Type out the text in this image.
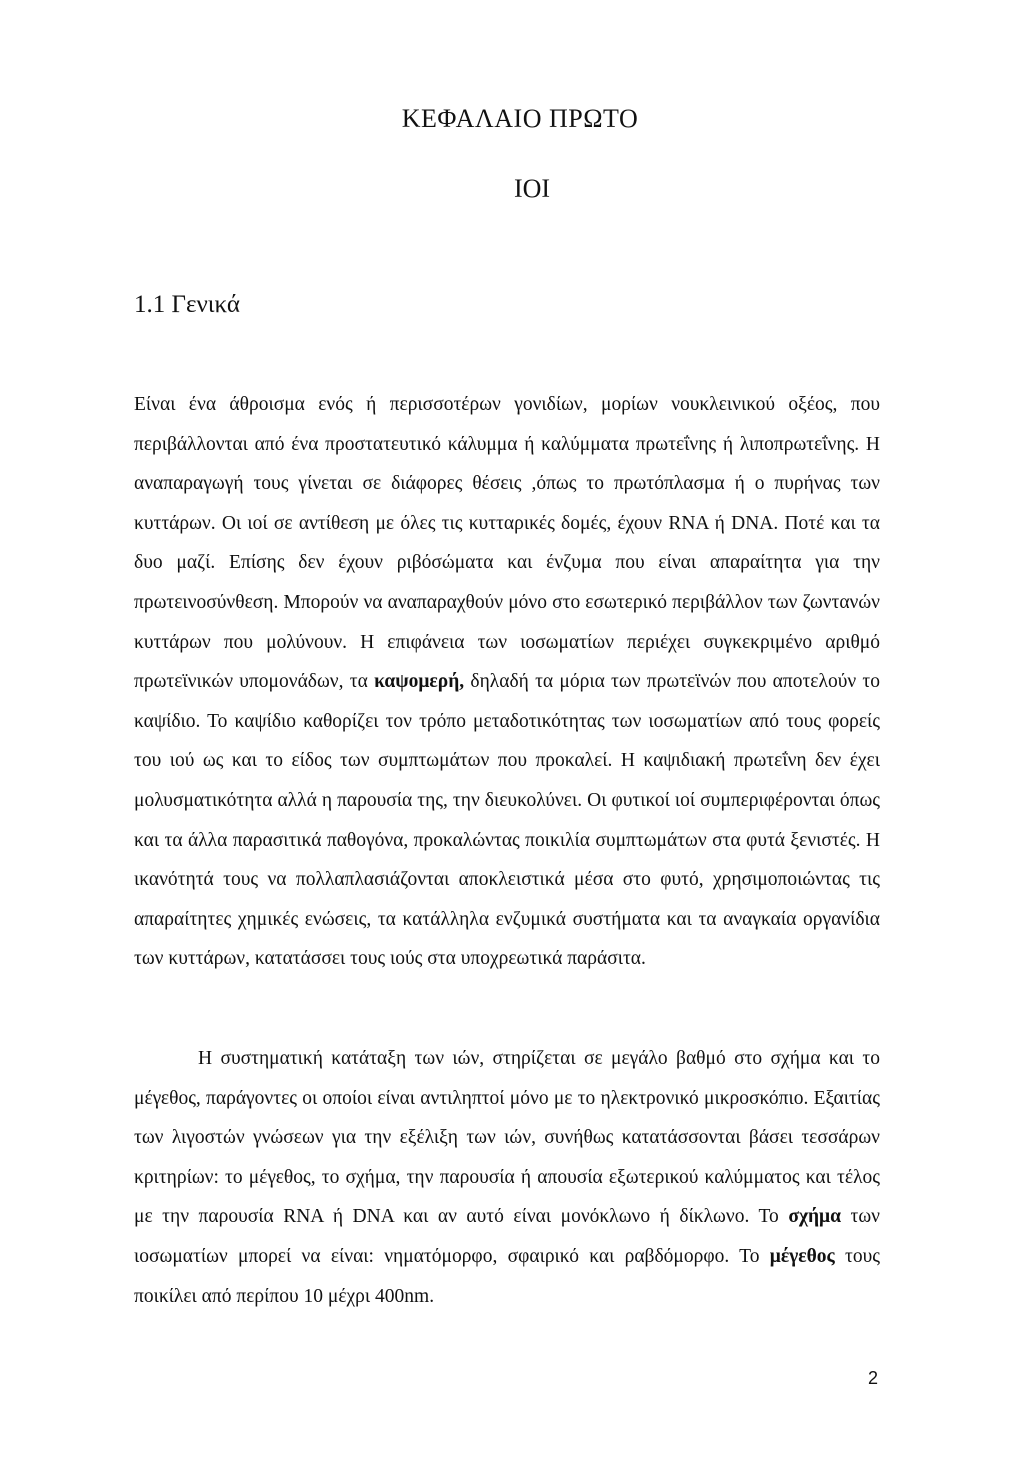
ΚΕΦΑΛΑΙΟ ΠΡΩΤΟ
ΙΟΙ
1.1 Γενικά

Είναι ένα άθροισμα ενός ή περισσοτέρων γονιδίων, μορίων νουκλεινικού οξέος, που περιβάλλονται από ένα προστατευτικό κάλυμμα ή καλύμματα πρωτεΐνης ή λιποπρωτεΐνης. Η αναπαραγωγή τους γίνεται σε διάφορες θέσεις ,όπως το πρωτόπλασμα ή ο πυρήνας των κυττάρων. Οι ιοί σε αντίθεση με όλες τις κυτταρικές δομές, έχουν RNA ή DNA. Ποτέ και τα δυο μαζί. Επίσης δεν έχουν ριβόσώματα και ένζυμα που είναι απαραίτητα για την πρωτεινοσύνθεση. Μπορούν να αναπαραχθούν μόνο στο εσωτερικό περιβάλλον των ζωντανών κυττάρων που μολύνουν. Η επιφάνεια των ιοσωματίων περιέχει συγκεκριμένο αριθμό πρωτεϊνικών υπομονάδων, τα καψομερή, δηλαδή τα μόρια των πρωτεϊνών που αποτελούν το καψίδιο. Το καψίδιο καθορίζει τον τρόπο μεταδοτικότητας των ιοσωματίων από τους φορείς του ιού ως και το είδος των συμπτωμάτων που προκαλεί. Η καψιδιακή πρωτεΐνη δεν έχει μολυσματικότητα αλλά η παρουσία της, την διευκολύνει. Οι φυτικοί ιοί συμπεριφέρονται όπως και τα άλλα παρασιτικά παθογόνα, προκαλώντας ποικιλία συμπτωμάτων στα φυτά ξενιστές. Η ικανότητά τους να πολλαπλασιάζονται αποκλειστικά μέσα στο φυτό, χρησιμοποιώντας τις απαραίτητες χημικές ενώσεις, τα κατάλληλα ενζυμικά συστήματα και τα αναγκαία οργανίδια των κυττάρων, κατατάσσει τους ιούς στα υποχρεωτικά παράσιτα.

Η συστηματική κατάταξη των ιών, στηρίζεται σε μεγάλο βαθμό στο σχήμα και το μέγεθος, παράγοντες οι οποίοι είναι αντιληπτοί μόνο με το ηλεκτρονικό μικροσκόπιο. Εξαιτίας των λιγοστών γνώσεων για την εξέλιξη των ιών, συνήθως κατατάσσονται βάσει τεσσάρων κριτηρίων: το μέγεθος, το σχήμα, την παρουσία ή απουσία εξωτερικού καλύμματος και τέλος με την παρουσία RNA ή DNA και αν αυτό είναι μονόκλωνο ή δίκλωνο. Το σχήμα των ιοσωματίων μπορεί να είναι: νηματόμορφο, σφαιρικό και ραβδόμορφο. Το μέγεθος τους ποικίλει από περίπου 10 μέχρι 400nm.

2
